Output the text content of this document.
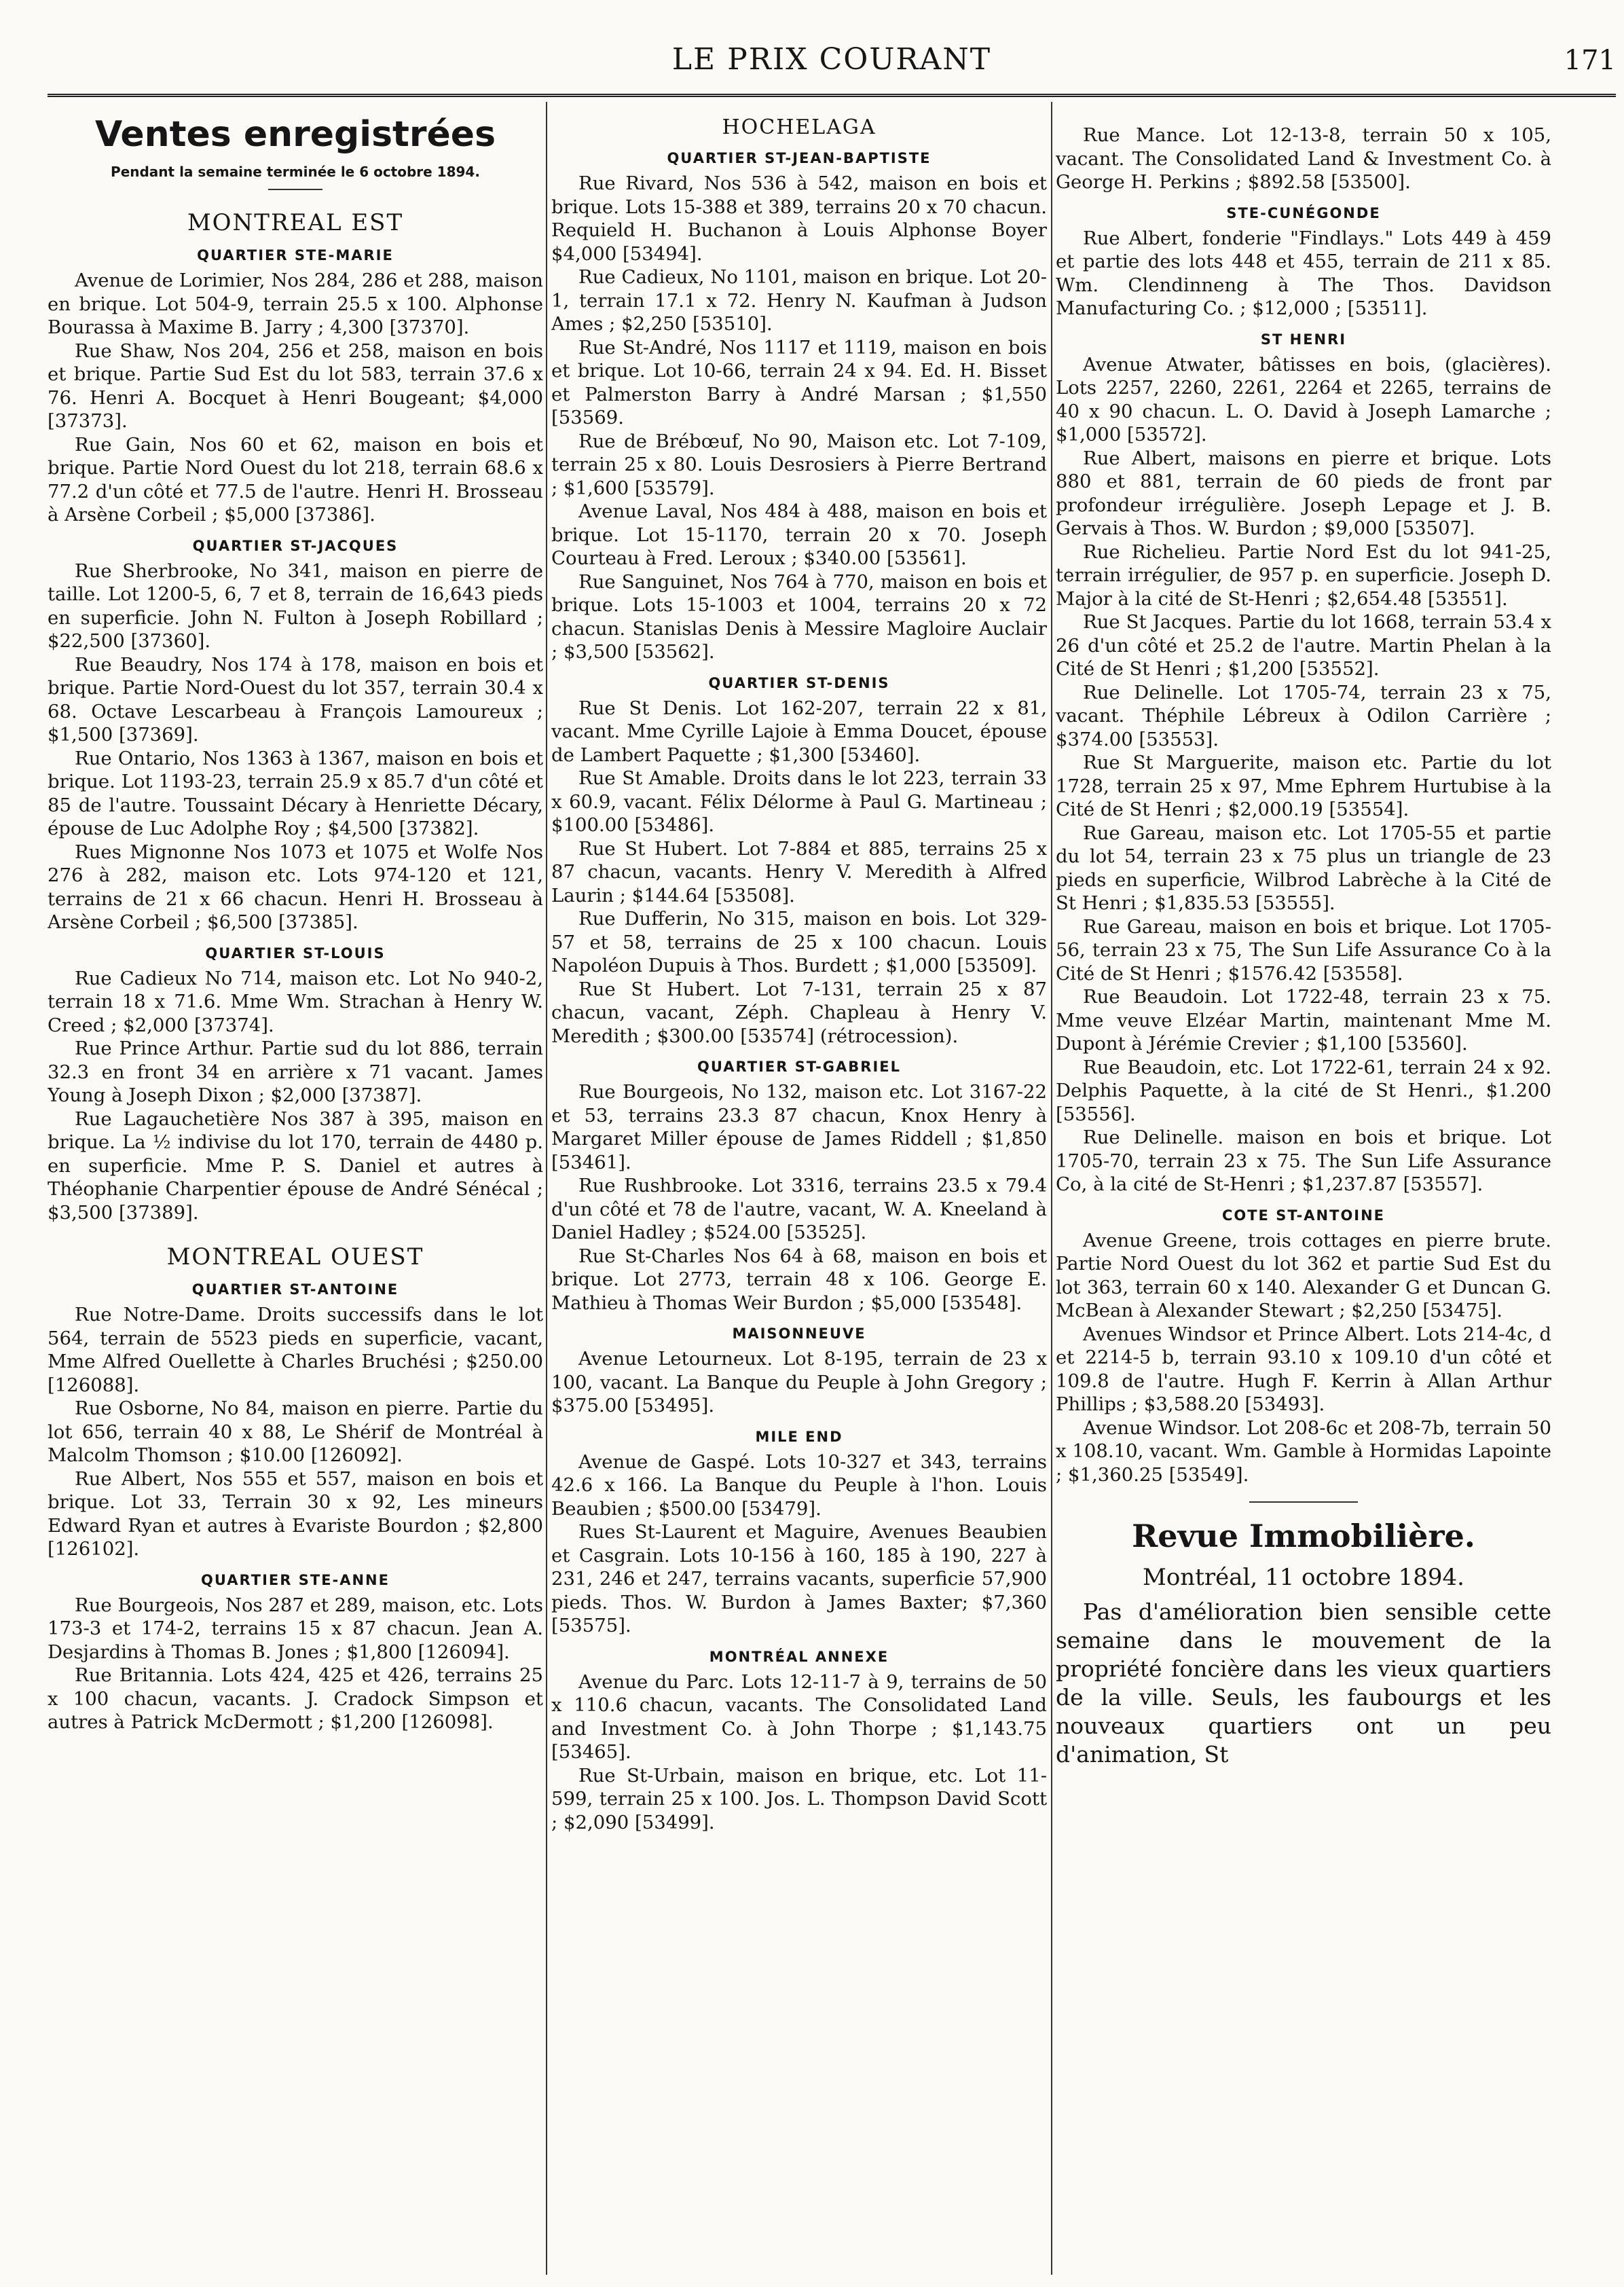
LE PRIX COURANT	171
Ventes enregistrées

Pendant la semaine terminée le 6 octobre 1894.

MONTREAL EST
QUARTIER STE-MARIE

Avenue de Lorimier, Nos 284, 286 et 288, maison en brique. Lot 504-9, terrain 25.5 x 100. Alphonse Bourassa à Maxime B. Jarry ; 4,300 [37370].

Rue Shaw, Nos 204, 256 et 258, maison en bois et brique. Partie Sud Est du lot 583, terrain 37.6 x 76. Henri A. Bocquet à Henri Bougeant; $4,000 [37373].

Rue Gain, Nos 60 et 62, maison en bois et brique. Partie Nord Ouest du lot 218, terrain 68.6 x 77.2 d'un côté et 77.5 de l'autre. Henri H. Brosseau à Arsène Corbeil ; $5,000 [37386].

QUARTIER ST-JACQUES

Rue Sherbrooke, No 341, maison en pierre de taille. Lot 1200-5, 6, 7 et 8, terrain de 16,643 pieds en superficie. John N. Fulton à Joseph Robillard ; $22,500 [37360].

Rue Beaudry, Nos 174 à 178, maison en bois et brique. Partie Nord-Ouest du lot 357, terrain 30.4 x 68. Octave Lescarbeau à François Lamoureux ; $1,500 [37369].

Rue Ontario, Nos 1363 à 1367, maison en bois et brique. Lot 1193-23, terrain 25.9 x 85.7 d'un côté et 85 de l'autre. Toussaint Décary à Henriette Décary, épouse de Luc Adolphe Roy ; $4,500 [37382].

Rues Mignonne Nos 1073 et 1075 et Wolfe Nos 276 à 282, maison etc. Lots 974-120 et 121, terrains de 21 x 66 chacun. Henri H. Brosseau à Arsène Corbeil ; $6,500 [37385].

QUARTIER ST-LOUIS

Rue Cadieux No 714, maison etc. Lot No 940-2, terrain 18 x 71.6. Mme Wm. Strachan à Henry W. Creed ; $2,000 [37374].

Rue Prince Arthur. Partie sud du lot 886, terrain 32.3 en front 34 en arrière x 71 vacant. James Young à Joseph Dixon ; $2,000 [37387].

Rue Lagauchetière Nos 387 à 395, maison en brique. La ½ indivise du lot 170, terrain de 4480 p. en superficie. Mme P. S. Daniel et autres à Théophanie Charpentier épouse de André Sénécal ; $3,500 [37389].

MONTREAL OUEST
QUARTIER ST-ANTOINE

Rue Notre-Dame. Droits successifs dans le lot 564, terrain de 5523 pieds en superficie, vacant, Mme Alfred Ouellette à Charles Bruchési ; $250.00 [126088].

Rue Osborne, No 84, maison en pierre. Partie du lot 656, terrain 40 x 88, Le Shérif de Montréal à Malcolm Thomson ; $10.00 [126092].

Rue Albert, Nos 555 et 557, maison en bois et brique. Lot 33, Terrain 30 x 92, Les mineurs Edward Ryan et autres à Evariste Bourdon ; $2,800 [126102].

QUARTIER STE-ANNE

Rue Bourgeois, Nos 287 et 289, maison, etc. Lots 173-3 et 174-2, terrains 15 x 87 chacun. Jean A. Desjardins à Thomas B. Jones ; $1,800 [126094].

Rue Britannia. Lots 424, 425 et 426, terrains 25 x 100 chacun, vacants. J. Cradock Simpson et autres à Patrick McDermott ; $1,200 [126098].

HOCHELAGA
QUARTIER ST-JEAN-BAPTISTE

Rue Rivard, Nos 536 à 542, maison en bois et brique. Lots 15-388 et 389, terrains 20 x 70 chacun. Requield H. Buchanon à Louis Alphonse Boyer $4,000 [53494].

Rue Cadieux, No 1101, maison en brique. Lot 20-1, terrain 17.1 x 72. Henry N. Kaufman à Judson Ames ; $2,250 [53510].

Rue St-André, Nos 1117 et 1119, maison en bois et brique. Lot 10-66, terrain 24 x 94. Ed. H. Bisset et Palmerston Barry à André Marsan ; $1,550 [53569.

Rue de Brébœuf, No 90, Maison etc. Lot 7-109, terrain 25 x 80. Louis Desrosiers à Pierre Bertrand ; $1,600 [53579].

Avenue Laval, Nos 484 à 488, maison en bois et brique. Lot 15-1170, terrain 20 x 70. Joseph Courteau à Fred. Leroux ; $340.00 [53561].

Rue Sanguinet, Nos 764 à 770, maison en bois et brique. Lots 15-1003 et 1004, terrains 20 x 72 chacun. Stanislas Denis à Messire Magloire Auclair ; $3,500 [53562].

QUARTIER ST-DENIS

Rue St Denis. Lot 162-207, terrain 22 x 81, vacant. Mme Cyrille Lajoie à Emma Doucet, épouse de Lambert Paquette ; $1,300 [53460].

Rue St Amable. Droits dans le lot 223, terrain 33 x 60.9, vacant. Félix Délorme à Paul G. Martineau ; $100.00 [53486].

Rue St Hubert. Lot 7-884 et 885, terrains 25 x 87 chacun, vacants. Henry V. Meredith à Alfred Laurin ; $144.64 [53508].

Rue Dufferin, No 315, maison en bois. Lot 329-57 et 58, terrains de 25 x 100 chacun. Louis Napoléon Dupuis à Thos. Burdett ; $1,000 [53509].

Rue St Hubert. Lot 7-131, terrain 25 x 87 chacun, vacant, Zéph. Chapleau à Henry V. Meredith ; $300.00 [53574] (rétrocession).

QUARTIER ST-GABRIEL

Rue Bourgeois, No 132, maison etc. Lot 3167-22 et 53, terrains 23.3 87 chacun, Knox Henry à Margaret Miller épouse de James Riddell ; $1,850 [53461].

Rue Rushbrooke. Lot 3316, terrains 23.5 x 79.4 d'un côté et 78 de l'autre, vacant, W. A. Kneeland à Daniel Hadley ; $524.00 [53525].

Rue St-Charles Nos 64 à 68, maison en bois et brique. Lot 2773, terrain 48 x 106. George E. Mathieu à Thomas Weir Burdon ; $5,000 [53548].

MAISONNEUVE

Avenue Letourneux. Lot 8-195, terrain de 23 x 100, vacant. La Banque du Peuple à John Gregory ; $375.00 [53495].

MILE END

Avenue de Gaspé. Lots 10-327 et 343, terrains 42.6 x 166. La Banque du Peuple à l'hon. Louis Beaubien ; $500.00 [53479].

Rues St-Laurent et Maguire, Avenues Beaubien et Casgrain. Lots 10-156 à 160, 185 à 190, 227 à 231, 246 et 247, terrains vacants, superficie 57,900 pieds. Thos. W. Burdon à James Baxter; $7,360 [53575].

MONTRÉAL ANNEXE

Avenue du Parc. Lots 12-11-7 à 9, terrains de 50 x 110.6 chacun, vacants. The Consolidated Land and Investment Co. à John Thorpe ; $1,143.75 [53465].

Rue St-Urbain, maison en brique, etc. Lot 11-599, terrain 25 x 100. Jos. L. Thompson David Scott ; $2,090 [53499].

Rue Mance. Lot 12-13-8, terrain 50 x 105, vacant. The Consolidated Land & Investment Co. à George H. Perkins ; $892.58 [53500].

STE-CUNÉGONDE

Rue Albert, fonderie "Findlays." Lots 449 à 459 et partie des lots 448 et 455, terrain de 211 x 85. Wm. Clendinneng à The Thos. Davidson Manufacturing Co. ; $12,000 ; [53511].

ST HENRI

Avenue Atwater, bâtisses en bois, (glacières). Lots 2257, 2260, 2261, 2264 et 2265, terrains de 40 x 90 chacun. L. O. David à Joseph Lamarche ; $1,000 [53572].

Rue Albert, maisons en pierre et brique. Lots 880 et 881, terrain de 60 pieds de front par profondeur irrégulière. Joseph Lepage et J. B. Gervais à Thos. W. Burdon ; $9,000 [53507].

Rue Richelieu. Partie Nord Est du lot 941-25, terrain irrégulier, de 957 p. en superficie. Joseph D. Major à la cité de St-Henri ; $2,654.48 [53551].

Rue St Jacques. Partie du lot 1668, terrain 53.4 x 26 d'un côté et 25.2 de l'autre. Martin Phelan à la Cité de St Henri ; $1,200 [53552].

Rue Delinelle. Lot 1705-74, terrain 23 x 75, vacant. Théphile Lébreux à Odilon Carrière ; $374.00 [53553].

Rue St Marguerite, maison etc. Partie du lot 1728, terrain 25 x 97, Mme Ephrem Hurtubise à la Cité de St Henri ; $2,000.19 [53554].

Rue Gareau, maison etc. Lot 1705-55 et partie du lot 54, terrain 23 x 75 plus un triangle de 23 pieds en superficie, Wilbrod Labrèche à la Cité de St Henri ; $1,835.53 [53555].

Rue Gareau, maison en bois et brique. Lot 1705-56, terrain 23 x 75, The Sun Life Assurance Co à la Cité de St Henri ; $1576.42 [53558].

Rue Beaudoin. Lot 1722-48, terrain 23 x 75. Mme veuve Elzéar Martin, maintenant Mme M. Dupont à Jérémie Crevier ; $1,100 [53560].

Rue Beaudoin, etc. Lot 1722-61, terrain 24 x 92. Delphis Paquette, à la cité de St Henri., $1.200 [53556].

Rue Delinelle. maison en bois et brique. Lot 1705-70, terrain 23 x 75. The Sun Life Assurance Co, à la cité de St-Henri ; $1,237.87 [53557].

COTE ST-ANTOINE

Avenue Greene, trois cottages en pierre brute. Partie Nord Ouest du lot 362 et partie Sud Est du lot 363, terrain 60 x 140. Alexander G et Duncan G. McBean à Alexander Stewart ; $2,250 [53475].

Avenues Windsor et Prince Albert. Lots 214-4c, d et 2214-5 b, terrain 93.10 x 109.10 d'un côté et 109.8 de l'autre. Hugh F. Kerrin à Allan Arthur Phillips ; $3,588.20 [53493].

Avenue Windsor. Lot 208-6c et 208-7b, terrain 50 x 108.10, vacant. Wm. Gamble à Hormidas Lapointe ; $1,360.25 [53549].

Revue Immobilière.
Montréal, 11 octobre 1894.

Pas d'amélioration bien sensible cette semaine dans le mouvement de la propriété foncière dans les vieux quartiers de la ville. Seuls, les faubourgs et les nouveaux quartiers ont un peu d'animation, St
